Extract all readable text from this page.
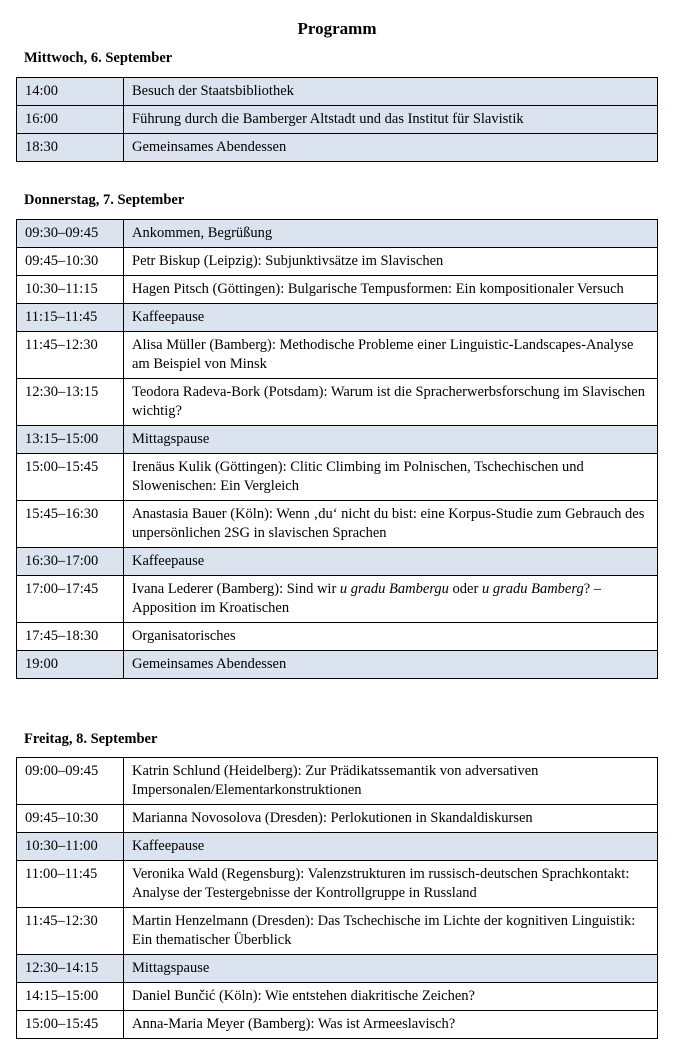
Programm
Mittwoch, 6. September
14:00	Besuch der Staatsbibliothek
16:00	Führung durch die Bamberger Altstadt und das Institut für Slavistik
18:30	Gemeinsames Abendessen
Donnerstag, 7. September
09:30–09:45	Ankommen, Begrüßung
09:45–10:30	Petr Biskup (Leipzig): Subjunktivsätze im Slavischen
10:30–11:15	Hagen Pitsch (Göttingen): Bulgarische Tempusformen: Ein kompositionaler Versuch
11:15–11:45	Kaffeepause
11:45–12:30	Alisa Müller (Bamberg): Methodische Probleme einer Linguistic-Landscapes-Analyse am Beispiel von Minsk
12:30–13:15	Teodora Radeva-Bork (Potsdam): Warum ist die Spracherwerbsforschung im Slavischen wichtig?
13:15–15:00	Mittagspause
15:00–15:45	Irenäus Kulik (Göttingen): Clitic Climbing im Polnischen, Tschechischen und Slowenischen: Ein Vergleich
15:45–16:30	Anastasia Bauer (Köln): Wenn ‚du‘ nicht du bist: eine Korpus-Studie zum Gebrauch des unpersönlichen 2SG in slavischen Sprachen
16:30–17:00	Kaffeepause
17:00–17:45	Ivana Lederer (Bamberg): Sind wir u gradu Bambergu oder u gradu Bamberg? – Apposition im Kroatischen
17:45–18:30	Organisatorisches
19:00	Gemeinsames Abendessen
Freitag, 8. September
09:00–09:45	Katrin Schlund (Heidelberg): Zur Prädikatssemantik von adversativen Impersonalen/Elementarkonstruktionen
09:45–10:30	Marianna Novosolova (Dresden): Perlokutionen in Skandaldiskursen
10:30–11:00	Kaffeepause
11:00–11:45	Veronika Wald (Regensburg): Valenzstrukturen im russisch-deutschen Sprachkontakt: Analyse der Testergebnisse der Kontrollgruppe in Russland
11:45–12:30	Martin Henzelmann (Dresden): Das Tschechische im Lichte der kognitiven Linguistik: Ein thematischer Überblick
12:30–14:15	Mittagspause
14:15–15:00	Daniel Bunčić (Köln): Wie entstehen diakritische Zeichen?
15:00–15:45	Anna-Maria Meyer (Bamberg): Was ist Armeeslavisch?
